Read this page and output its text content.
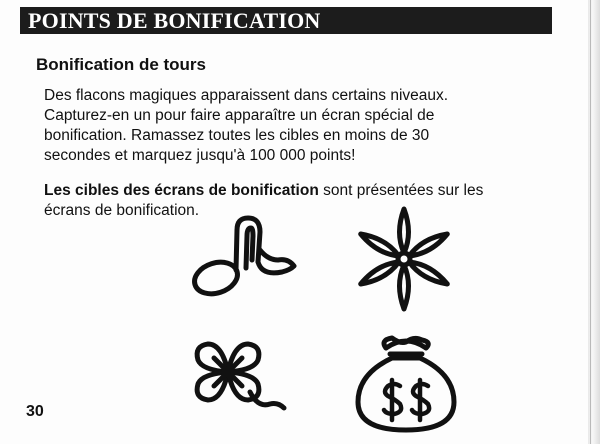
POINTS DE BONIFICATION
Bonification de tours

Des flacons magiques apparaissent dans certains niveaux.
Capturez-en un pour faire apparaître un écran spécial de
bonification. Ramassez toutes les cibles en moins de 30
secondes et marquez jusqu'à 100 000 points!

Les cibles des écrans de bonification sont présentées sur les
écrans de bonification.

30
